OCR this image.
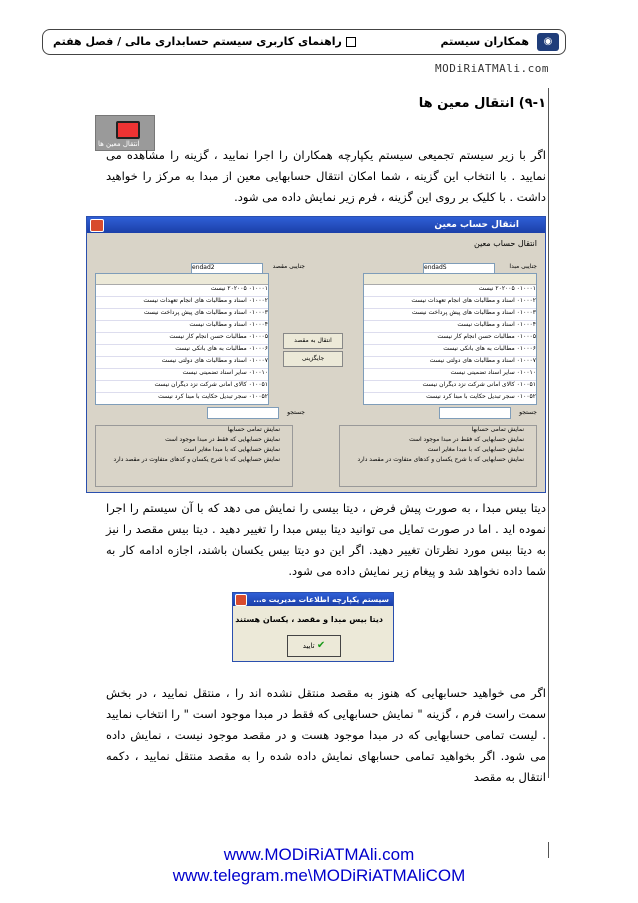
◉
همکاران سیستم
راهنمای کاربری سیستم حسابداری مالی / فصل هفتم
MODiRiATMAli.com
۹-۱) انتقال معین ها
انتقال معین ها
اگر با زیر سیستم تجمیعی سیستم یکپارچه همکاران را اجرا نمایید ، گزینه را مشاهده می نمایید . با انتخاب این گزینه ، شما امکان انتقال حسابهایی معین از مبدا به مرکز را خواهید داشت . با کلیک بر روی این گزینه ، فرم زیر نمایش داده می شود.
انتقال حساب معین
انتقال حساب معین
جنایبی مبدا
endadS
جنایبی مقصد
endad2
۰۱۰۰۰۱ ۲۰۲۰۰۵ نیست
۰۱۰۰۰۲ اسناد و مطالبات های انجام تعهدات نیست
۰۱۰۰۰۳ اسناد و مطالبات های پیش پرداخت نیست
۰۱۰۰۰۴ اسناد و مطالبات نیست
۰۱۰۰۰۵ مطالبات حسن انجام کار نیست
۰۱۰۰۰۶ مطالبات به های بانکی نیست
۰۱۰۰۰۷ اسناد و مطالبات های دولتی نیست
۰۱۰۰۱۰ سایر اسناد تضمینی نیست
۰۱۰۰۵۱ کالای امانی شرکت نزد دیگران نیست
۰۱۰۰۵۲ سجر تبدیل حکایت با مبنا کرد نیست
۰۱۰۰۰۱ ۲۰۲۰۰۵ نیست
۰۱۰۰۰۲ اسناد و مطالبات های انجام تعهدات نیست
۰۱۰۰۰۳ اسناد و مطالبات های پیش پرداخت نیست
۰۱۰۰۰۴ اسناد و مطالبات نیست
۰۱۰۰۰۵ مطالبات حسن انجام کار نیست
۰۱۰۰۰۶ مطالبات به های بانکی نیست
۰۱۰۰۰۷ اسناد و مطالبات های دولتی نیست
۰۱۰۰۱۰ سایر اسناد تضمینی نیست
۰۱۰۰۵۱ کالای امانی شرکت نزد دیگران نیست
۰۱۰۰۵۲ سجر تبدیل حکایت با مبنا کرد نیست
انتقال به مقصد
جایگزینی
جستجو
جستجو
نمایش تمامی حسابها
نمایش حسابهایی که فقط در مبدا موجود است
نمایش حسابهایی که با مبدا مغایر است
نمایش حسابهایی که با شرح یکسان و کدهای متفاوت در مقصد دارد
نمایش تمامی حسابها
نمایش حسابهایی که فقط در مبدا موجود است
نمایش حسابهایی که با مبدا مغایر است
نمایش حسابهایی که با شرح یکسان و کدهای متفاوت در مقصد دارد
دیتا بیس مبدا ، به صورت پیش فرض ، دیتا بیسی را نمایش می دهد که با آن سیستم را اجرا نموده اید . اما در صورت تمایل می توانید دیتا بیس مبدا را تغییر دهید . دیتا بیس مقصد را نیز به دیتا بیس مورد نظرتان تغییر دهید. اگر این دو دیتا بیس یکسان باشند، اجازه ادامه کار به شما داده نخواهد شد و پیغام زیر نمایش داده می شود.
سیستم یکپارچه اطلاعات مدیریت ه...
دیتا بیس مبدا و مقصد ، یکسان هستند
✔ تایید
اگر می خواهید حسابهایی که هنوز به مقصد منتقل نشده اند را ، منتقل نمایید ، در بخش سمت راست فرم ، گزینه " نمایش حسابهایی که فقط در مبدا موجود است " را انتخاب نمایید . لیست تمامی حسابهایی که در مبدا موجود هست و در مقصد موجود نیست ، نمایش داده می شود. اگر بخواهید تمامی حسابهای نمایش داده شده را به مقصد منتقل نمایید ، دکمه انتقال به مقصد
www.MODiRiATMAli.com
www.telegram.me\MODiRiATMAliCOM
